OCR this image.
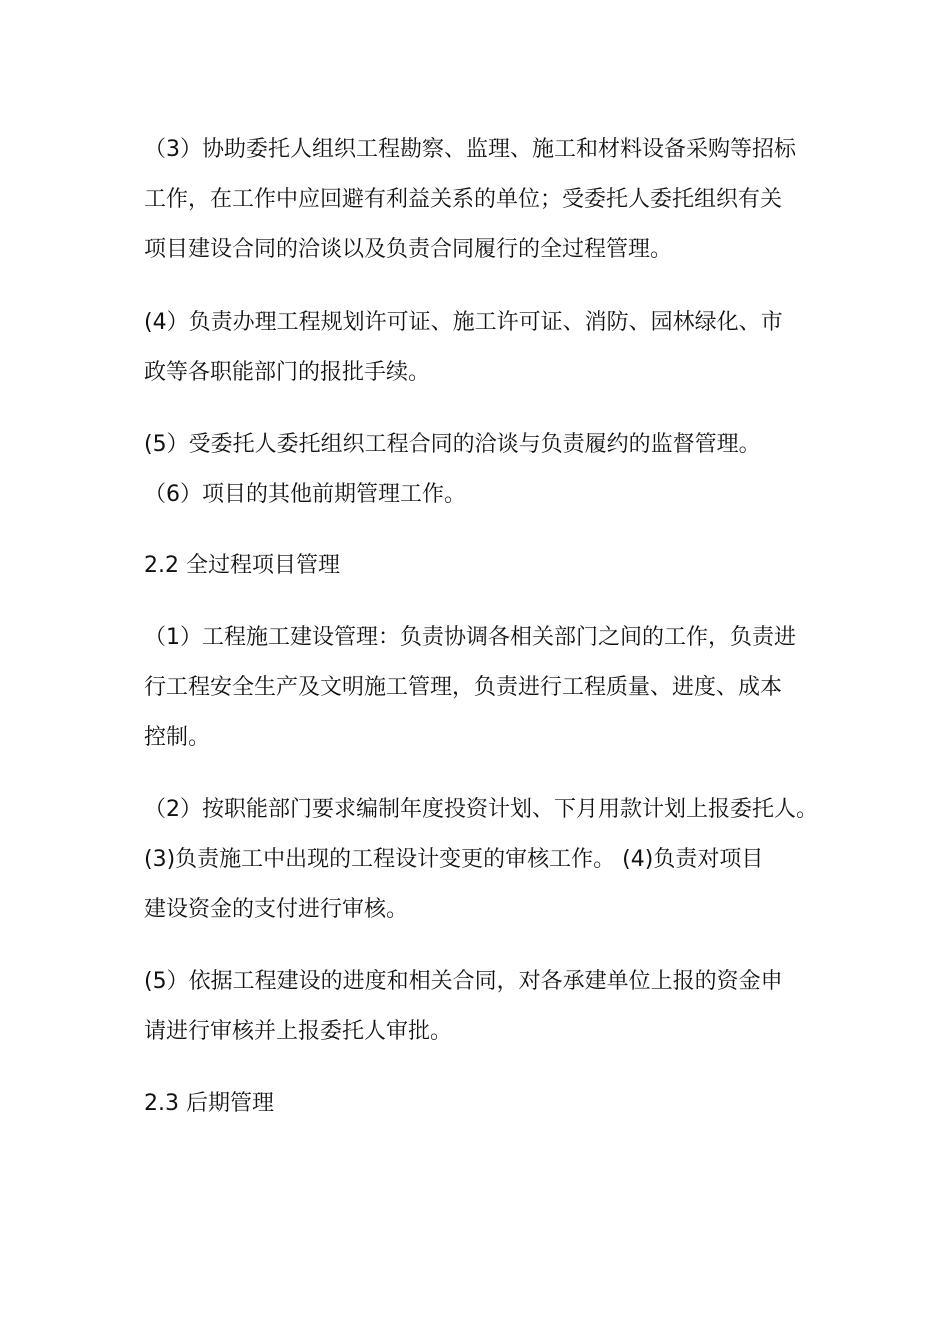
（3）协助委托人组织工程勘察、监理、施工和材料设备采购等招标
工作，在工作中应回避有利益关系的单位；受委托人委托组织有关
项目建设合同的洽谈以及负责合同履行的全过程管理。
(4）负责办理工程规划许可证、施工许可证、消防、园林绿化、市
政等各职能部门的报批手续。
(5）受委托人委托组织工程合同的洽谈与负责履约的监督管理。
（6）项目的其他前期管理工作。
2.2 全过程项目管理
（1）工程施工建设管理：负责协调各相关部门之间的工作，负责进
行工程安全生产及文明施工管理，负责进行工程质量、进度、成本
控制。
（2）按职能部门要求编制年度投资计划、下月用款计划上报委托人。
(3)负责施工中出现的工程设计变更的审核工作。 (4)负责对项目
建设资金的支付进行审核。
(5）依据工程建设的进度和相关合同，对各承建单位上报的资金申
请进行审核并上报委托人审批。
2.3 后期管理
